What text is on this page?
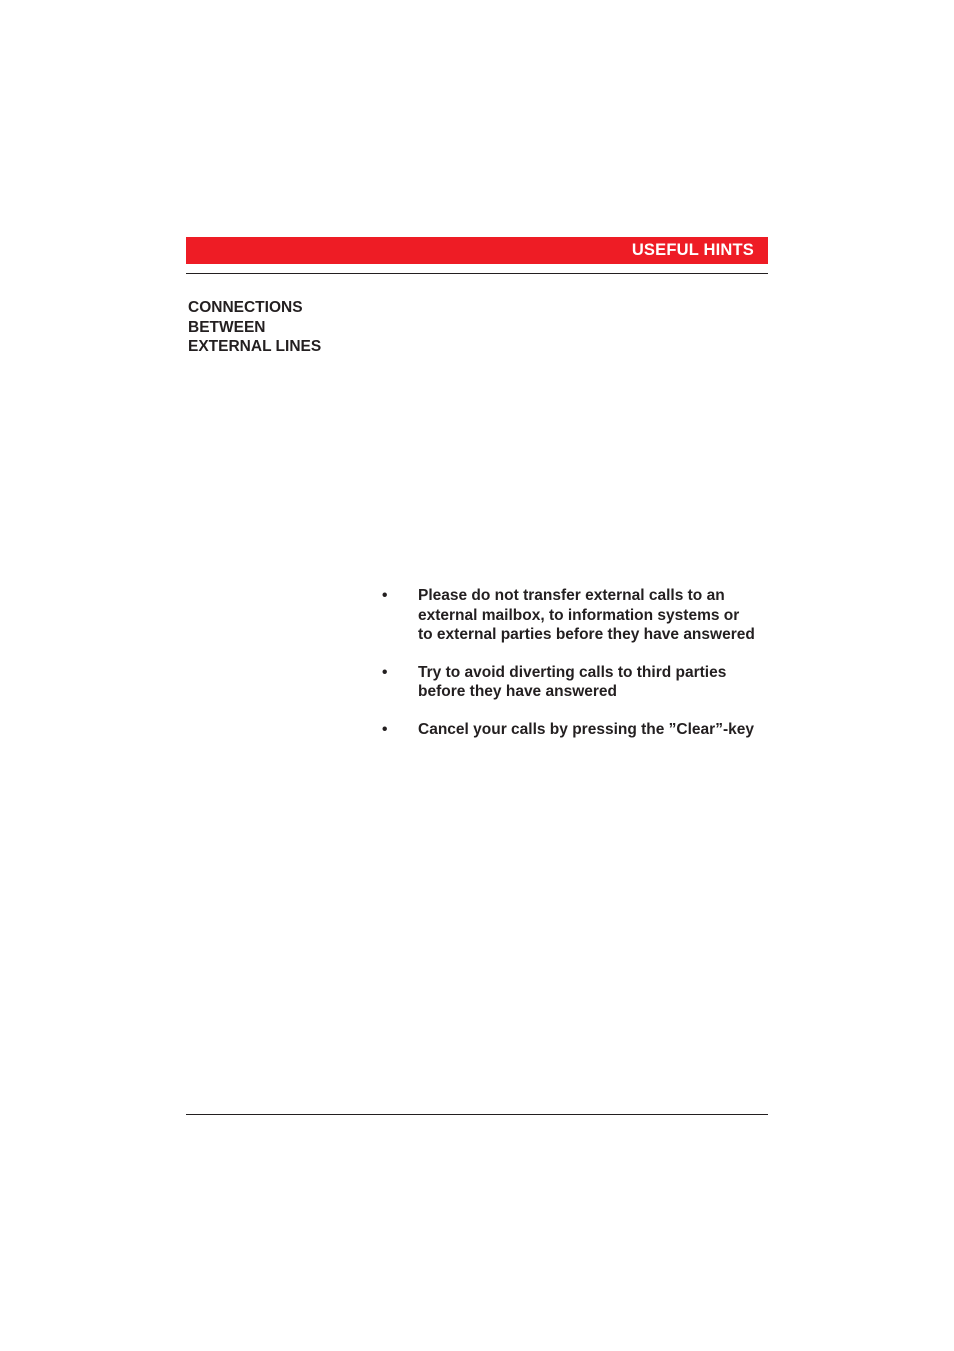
USEFUL HINTS
CONNECTIONS
BETWEEN
EXTERNAL LINES
• Please do not transfer external calls to an
external mailbox, to information systems or
to external parties before they have answered
• Try to avoid diverting calls to third parties
before they have answered
• Cancel your calls by pressing the ”Clear”-key
